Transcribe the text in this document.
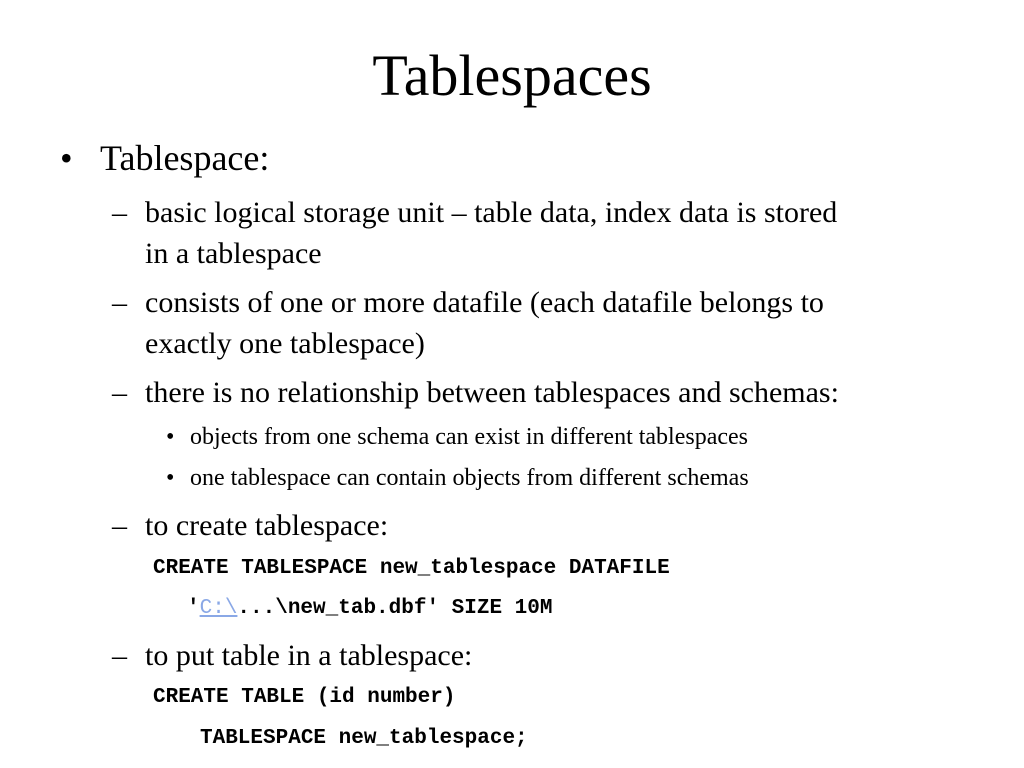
Tablespaces
• Tablespace:
– basic logical storage unit – table data, index data is stored
in a tablespace
– consists of one or more datafile (each datafile belongs to
exactly one tablespace)
– there is no relationship between tablespaces and schemas:
• objects from one schema can exist in different tablespaces
• one tablespace can contain objects from different schemas
– to create tablespace:
CREATE TABLESPACE new_tablespace DATAFILE
'C:\...\new_tab.dbf' SIZE 10M
– to put table in a tablespace:
CREATE TABLE (id number)
TABLESPACE new_tablespace;
